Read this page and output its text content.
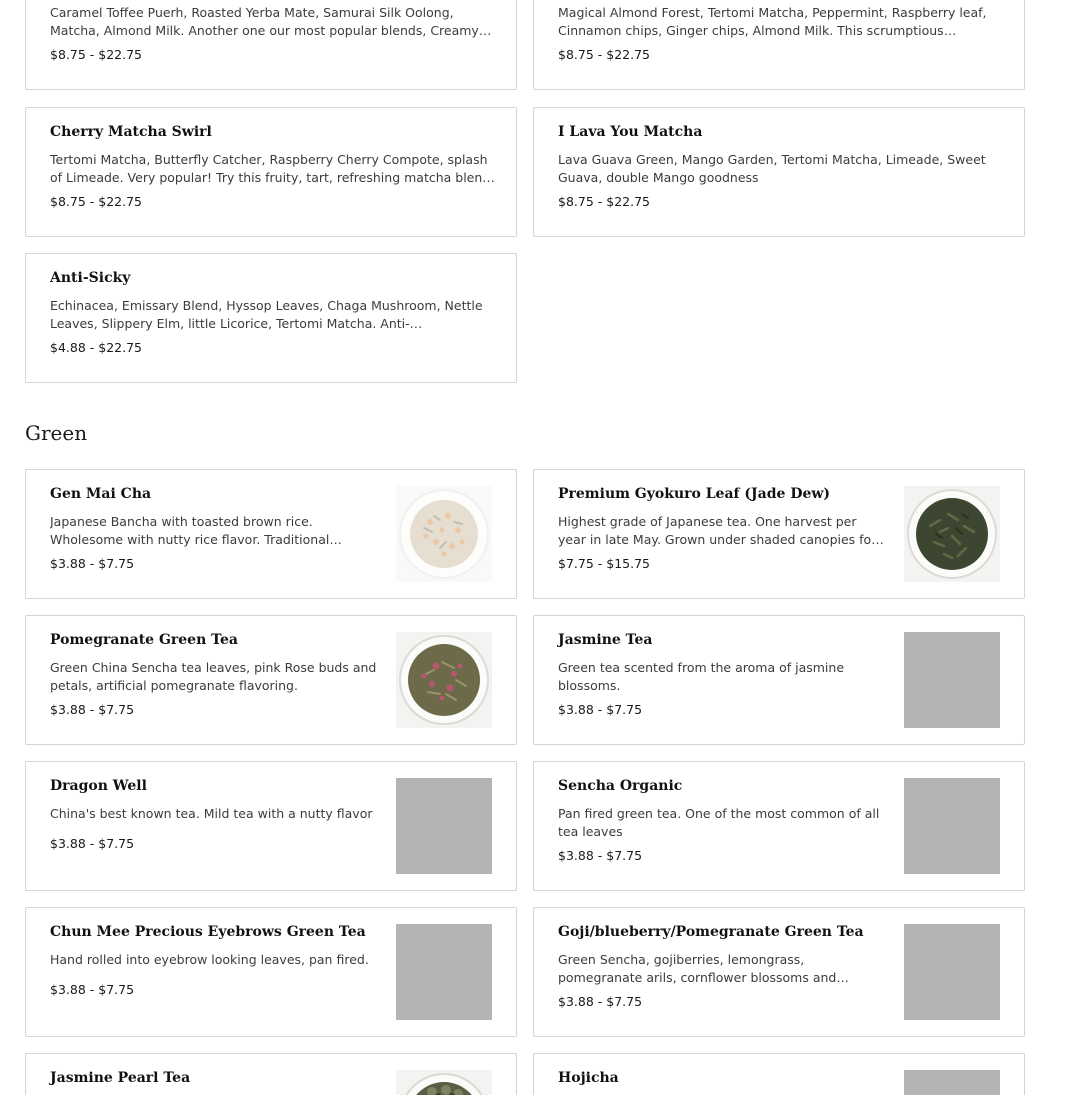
Caramel Toffee Puerh, Roasted Yerba Mate, Samurai Silk Oolong, Matcha, Almond Milk. Another one our most popular blends, Creamy
$8.75 - $22.75
Magical Almond Forest, Tertomi Matcha, Peppermint, Raspberry leaf, Cinnamon chips, Ginger chips, Almond Milk. This scrumptious
$8.75 - $22.75
Cherry Matcha Swirl
Tertomi Matcha, Butterfly Catcher, Raspberry Cherry Compote, splash of Limeade. Very popular! Try this fruity, tart, refreshing matcha blend
$8.75 - $22.75
I Lava You Matcha
Lava Guava Green, Mango Garden, Tertomi Matcha, Limeade, Sweet Guava, double Mango goodness
$8.75 - $22.75
Anti-Sicky
Echinacea, Emissary Blend, Hyssop Leaves, Chaga Mushroom, Nettle Leaves, Slippery Elm, little Licorice, Tertomi Matcha. Anti-
$4.88 - $22.75
Green
Gen Mai Cha
Japanese Bancha with toasted brown rice. Wholesome with nutty rice flavor. Traditional
$3.88 - $7.75
Premium Gyokuro Leaf (Jade Dew)
Highest grade of Japanese tea. One harvest per year in late May. Grown under shaded canopies for
$7.75 - $15.75
Pomegranate Green Tea
Green China Sencha tea leaves, pink Rose buds and petals, artificial pomegranate flavoring.
$3.88 - $7.75
Jasmine Tea
Green tea scented from the aroma of jasmine blossoms.
$3.88 - $7.75
Dragon Well
China's best known tea. Mild tea with a nutty flavor
$3.88 - $7.75
Sencha Organic
Pan fired green tea. One of the most common of all tea leaves
$3.88 - $7.75
Chun Mee Precious Eyebrows Green Tea
Hand rolled into eyebrow looking leaves, pan fired.
$3.88 - $7.75
Goji/blueberry/Pomegranate Green Tea
Green Sencha, gojiberries, lemongrass, pomegranate arils, cornflower blossoms and
$3.88 - $7.75
Jasmine Pearl Tea	Hojicha
